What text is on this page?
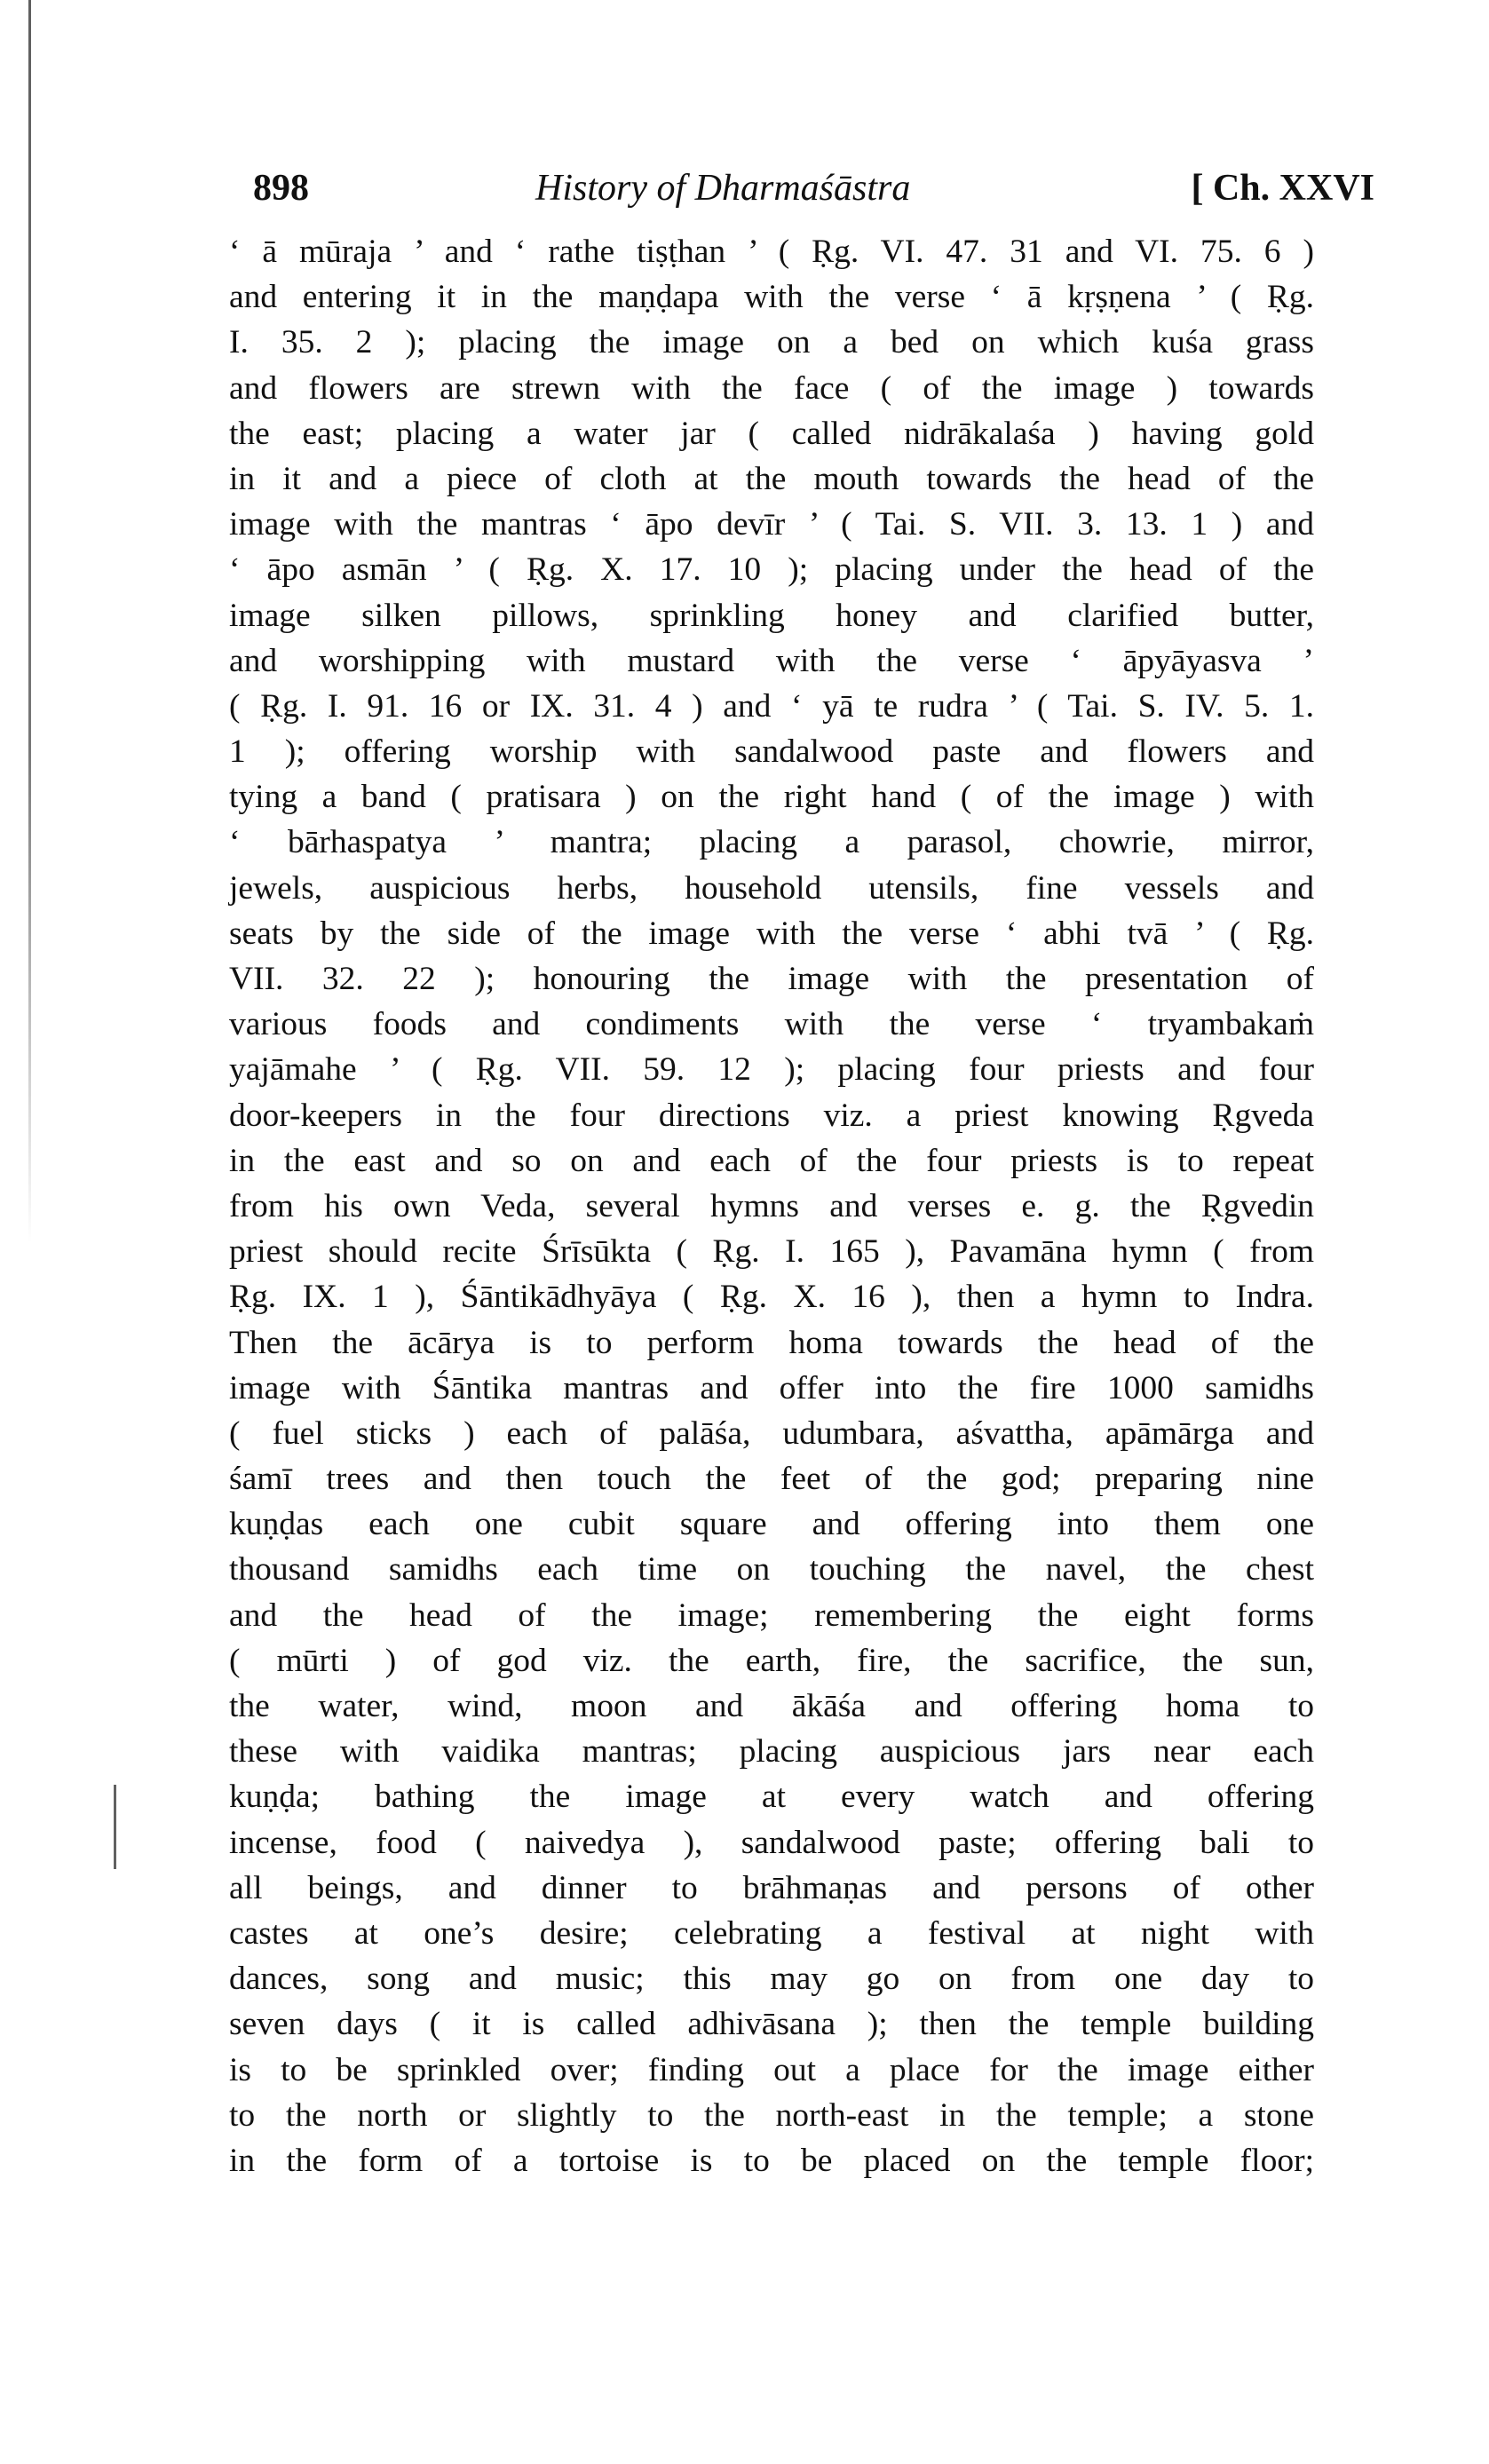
898	History of Dharmaśāstra	[ Ch. XXVI
‘ ā mūraja ’ and ‘ rathe tiṣṭhan ’ ( Ṛg. VI. 47. 31 and VI. 75. 6 )
and entering it in the maṇḍapa with the verse ‘ ā kṛṣṇena ’ ( Ṛg.
I. 35. 2 ); placing the image on a bed on which kuśa grass
and flowers are strewn with the face ( of the image ) towards
the east; placing a water jar ( called nidrākalaśa ) having gold
in it and a piece of cloth at the mouth towards the head of the
image with the mantras ‘ āpo devīr ’ ( Tai. S. VII. 3. 13. 1 ) and
‘ āpo asmān ’ ( Ṛg. X. 17. 10 ); placing under the head of the
image silken pillows, sprinkling honey and clarified butter,
and worshipping with mustard with the verse ‘ āpyāyasva ’
( Ṛg. I. 91. 16 or IX. 31. 4 ) and ‘ yā te rudra ’ ( Tai. S. IV. 5. 1.
1 ); offering worship with sandalwood paste and flowers and
tying a band ( pratisara ) on the right hand ( of the image ) with
‘ bārhaspatya ’ mantra; placing a parasol, chowrie, mirror,
jewels, auspicious herbs, household utensils, fine vessels and
seats by the side of the image with the verse ‘ abhi tvā ’ ( Ṛg.
VII. 32. 22 ); honouring the image with the presentation of
various foods and condiments with the verse ‘ tryambakaṁ
yajāmahe ’ ( Ṛg. VII. 59. 12 ); placing four priests and four
door-keepers in the four directions viz. a priest knowing Ṛgveda
in the east and so on and each of the four priests is to repeat
from his own Veda, several hymns and verses e. g. the Ṛgvedin
priest should recite Śrīsūkta ( Ṛg. I. 165 ), Pavamāna hymn ( from
Ṛg. IX. 1 ), Śāntikādhyāya ( Ṛg. X. 16 ), then a hymn to Indra.
Then the ācārya is to perform homa towards the head of the
image with Śāntika mantras and offer into the fire 1000 samidhs
( fuel sticks ) each of palāśa, udumbara, aśvattha, apāmārga and
śamī trees and then touch the feet of the god; preparing nine
kuṇḍas each one cubit square and offering into them one
thousand samidhs each time on touching the navel, the chest
and the head of the image; remembering the eight forms
( mūrti ) of god viz. the earth, fire, the sacrifice, the sun,
the water, wind, moon and ākāśa and offering homa to
these with vaidika mantras; placing auspicious jars near each
kuṇḍa; bathing the image at every watch and offering
incense, food ( naivedya ), sandalwood paste; offering bali to
all beings, and dinner to brāhmaṇas and persons of other
castes at one’s desire; celebrating a festival at night with
dances, song and music; this may go on from one day to
seven days ( it is called adhivāsana ); then the temple building
is to be sprinkled over; finding out a place for the image either
to the north or slightly to the north-east in the temple; a stone
in the form of a tortoise is to be placed on the temple floor;
